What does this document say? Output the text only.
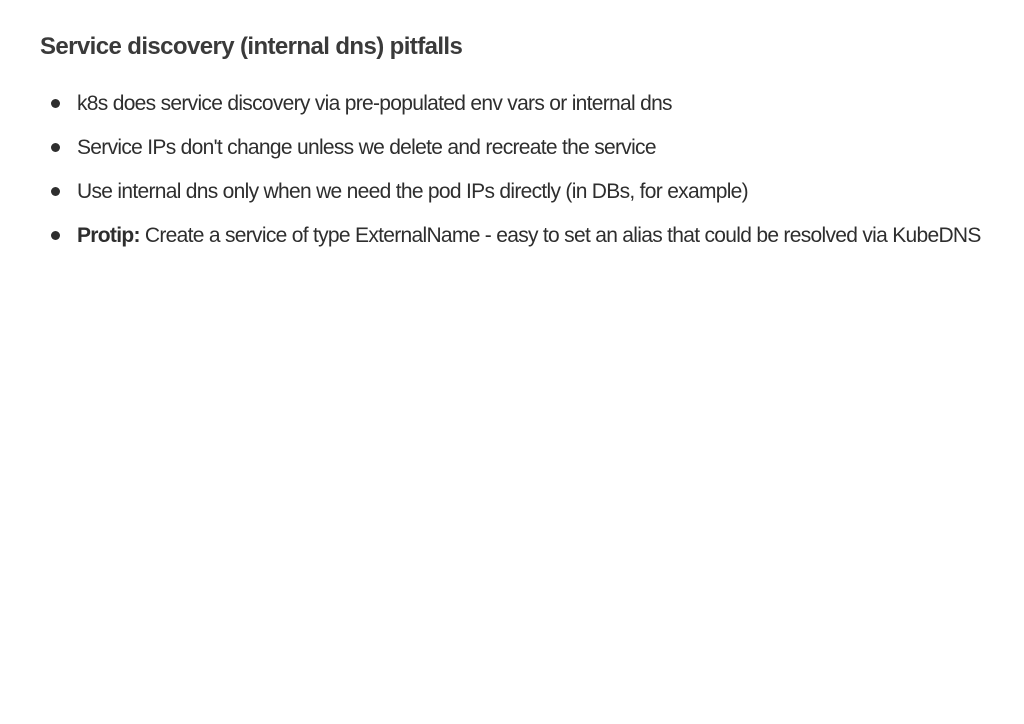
Service discovery (internal dns) pitfalls
k8s does service discovery via pre-populated env vars or internal dns
Service IPs don't change unless we delete and recreate the service
Use internal dns only when we need the pod IPs directly (in DBs, for example)
Protip: Create a service of type ExternalName - easy to set an alias that could be resolved via KubeDNS
